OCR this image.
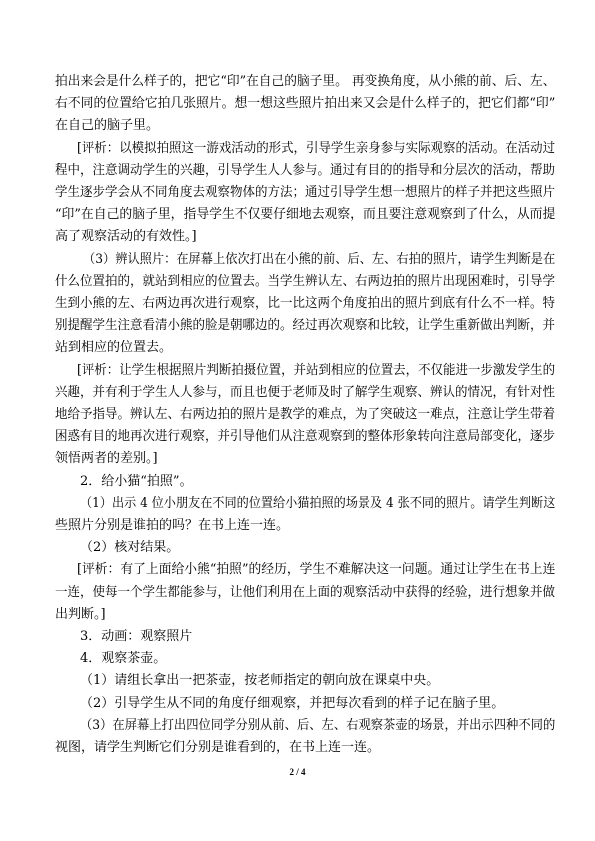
拍出来会是什么样子的，把它“印”在自己的脑子里。 再变换角度，从小熊的前、后、左、
右不同的位置给它拍几张照片。想一想这些照片拍出来又会是什么样子的，把它们都“印”
在自己的脑子里。
[评析：以模拟拍照这一游戏活动的形式，引导学生亲身参与实际观察的活动。在活动过
程中，注意调动学生的兴趣，引导学生人人参与。通过有目的的指导和分层次的活动，帮助
学生逐步学会从不同角度去观察物体的方法；通过引导学生想一想照片的样子并把这些照片
“印”在自己的脑子里，指导学生不仅要仔细地去观察，而且要注意观察到了什么，从而提
高了观察活动的有效性。]
（3）辨认照片：在屏幕上依次打出在小熊的前、后、左、右拍的照片，请学生判断是在
什么位置拍的，就站到相应的位置去。当学生辨认左、右两边拍的照片出现困难时，引导学
生到小熊的左、右两边再次进行观察，比一比这两个角度拍出的照片到底有什么不一样。特
别提醒学生注意看清小熊的脸是朝哪边的。经过再次观察和比较，让学生重新做出判断，并
站到相应的位置去。
[评析：让学生根据照片判断拍摄位置，并站到相应的位置去，不仅能进一步激发学生的
兴趣，并有利于学生人人参与，而且也便于老师及时了解学生观察、辨认的情况，有针对性
地给予指导。辨认左、右两边拍的照片是教学的难点，为了突破这一难点，注意让学生带着
困惑有目的地再次进行观察，并引导他们从注意观察到的整体形象转向注意局部变化，逐步
领悟两者的差别。]
2．给小猫“拍照”。
（1）出示 4 位小朋友在不同的位置给小猫拍照的场景及 4 张不同的照片。请学生判断这
些照片分别是谁拍的吗？在书上连一连。
（2）核对结果。
[评析：有了上面给小熊“拍照”的经历，学生不难解决这一问题。通过让学生在书上连
一连，使每一个学生都能参与，让他们利用在上面的观察活动中获得的经验，进行想象并做
出判断。]
3．动画：观察照片
4．观察茶壶。
（1）请组长拿出一把茶壶，按老师指定的朝向放在课桌中央。
（2）引导学生从不同的角度仔细观察，并把每次看到的样子记在脑子里。
（3）在屏幕上打出四位同学分别从前、后、左、右观察茶壶的场景，并出示四种不同的
视图，请学生判断它们分别是谁看到的，在书上连一连。
2 / 4
